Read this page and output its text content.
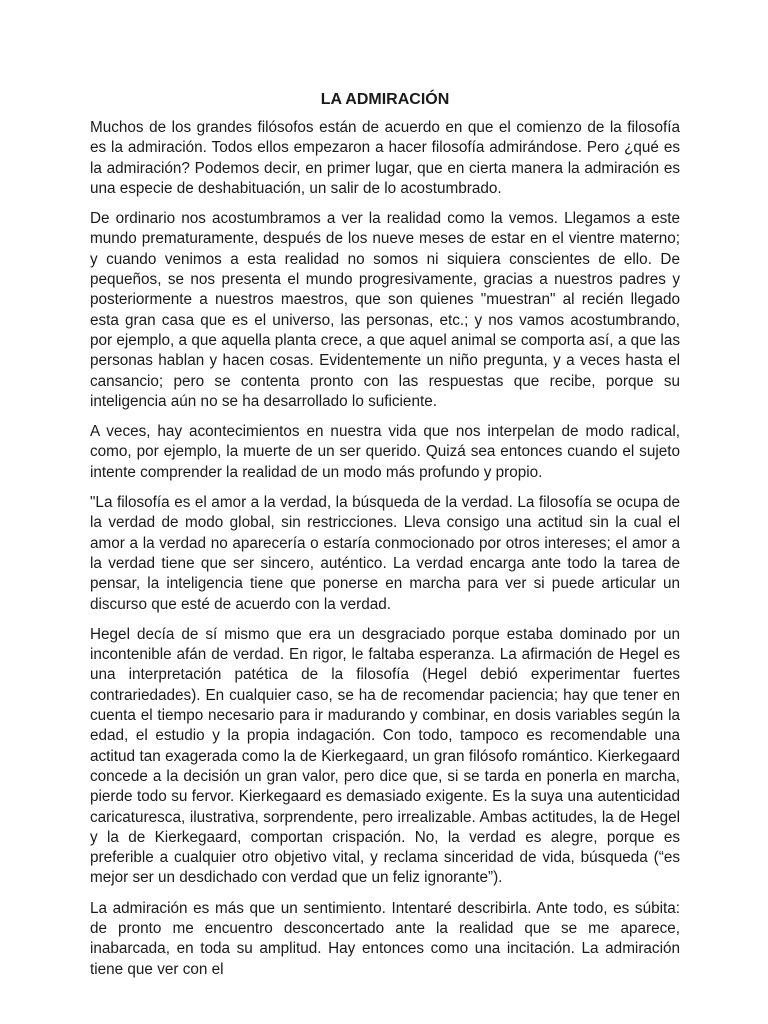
LA ADMIRACIÓN

Muchos de los grandes filósofos están de acuerdo en que el comienzo de la filosofía es la admiración. Todos ellos empezaron a hacer filosofía admirándose. Pero ¿qué es la admiración? Podemos decir, en primer lugar, que en cierta manera la admiración es una especie de deshabituación, un salir de lo acostumbrado.

De ordinario nos acostumbramos a ver la realidad como la vemos. Llegamos a este mundo prematuramente, después de los nueve meses de estar en el vientre materno; y cuando venimos a esta realidad no somos ni siquiera conscientes de ello. De pequeños, se nos presenta el mundo progresivamente, gracias a nuestros padres y posteriormente a nuestros maestros, que son quienes "muestran" al recién llegado esta gran casa que es el universo, las personas, etc.; y nos vamos acostumbrando, por ejemplo, a que aquella planta crece, a que aquel animal se comporta así, a que las personas hablan y hacen cosas. Evidentemente un niño pregunta, y a veces hasta el cansancio; pero se contenta pronto con las respuestas que recibe, porque su inteligencia aún no se ha desarrollado lo suficiente.

A veces, hay acontecimientos en nuestra vida que nos interpelan de modo radical, como, por ejemplo, la muerte de un ser querido. Quizá sea entonces cuando el sujeto intente comprender la realidad de un modo más profundo y propio.

"La filosofía es el amor a la verdad, la búsqueda de la verdad. La filosofía se ocupa de la verdad de modo global, sin restricciones. Lleva consigo una actitud sin la cual el amor a la verdad no aparecería o estaría conmocionado por otros intereses; el amor a la verdad tiene que ser sincero, auténtico. La verdad encarga ante todo la tarea de pensar, la inteligencia tiene que ponerse en marcha para ver si puede articular un discurso que esté de acuerdo con la verdad.

Hegel decía de sí mismo que era un desgraciado porque estaba dominado por un incontenible afán de verdad. En rigor, le faltaba esperanza. La afirmación de Hegel es una interpretación patética de la filosofía (Hegel debió experimentar fuertes contrariedades). En cualquier caso, se ha de recomendar paciencia; hay que tener en cuenta el tiempo necesario para ir madurando y combinar, en dosis variables según la edad, el estudio y la propia indagación. Con todo, tampoco es recomendable una actitud tan exagerada como la de Kierkegaard, un gran filósofo romántico. Kierkegaard concede a la decisión un gran valor, pero dice que, si se tarda en ponerla en marcha, pierde todo su fervor. Kierkegaard es demasiado exigente. Es la suya una autenticidad caricaturesca, ilustrativa, sorprendente, pero irrealizable. Ambas actitudes, la de Hegel y la de Kierkegaard, comportan crispación. No, la verdad es alegre, porque es preferible a cualquier otro objetivo vital, y reclama sinceridad de vida, búsqueda (“es mejor ser un desdichado con verdad que un feliz ignorante”).

La admiración es más que un sentimiento. Intentaré describirla. Ante todo, es súbita: de pronto me encuentro desconcertado ante la realidad que se me aparece, inabarcada, en toda su amplitud. Hay entonces como una incitación. La admiración tiene que ver con el
